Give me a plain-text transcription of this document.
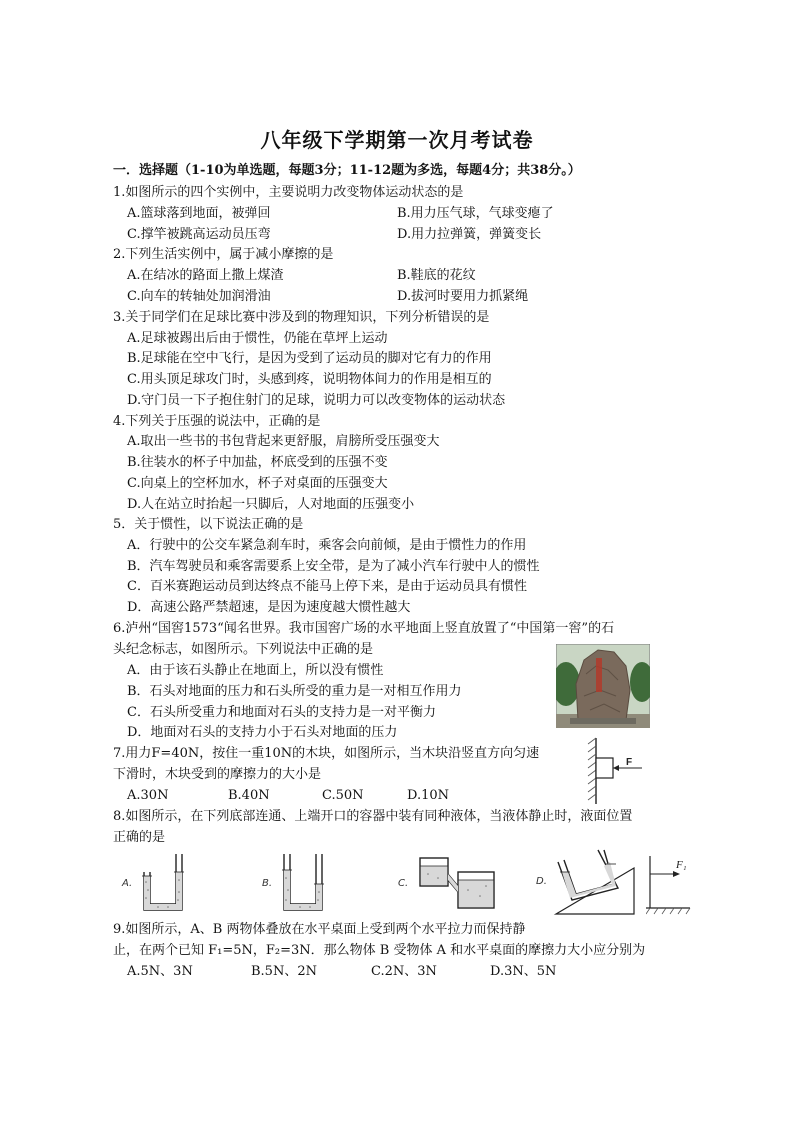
八年级下学期第一次月考试卷
一．选择题（1-10为单选题，每题3分；11-12题为多选，每题4分；共38分。）
1.如图所示的四个实例中，主要说明力改变物体运动状态的是
A.篮球落到地面，被弹回	B.用力压气球，气球变瘪了
C.撑竿被跳高运动员压弯	D.用力拉弹簧，弹簧变长
2.下列生活实例中，属于减小摩擦的是
A.在结冰的路面上撒上煤渣	B.鞋底的花纹
C.向车的转轴处加润滑油	D.拔河时要用力抓紧绳
3.关于同学们在足球比赛中涉及到的物理知识，下列分析错误的是
A.足球被踢出后由于惯性，仍能在草坪上运动
B.足球能在空中飞行，是因为受到了运动员的脚对它有力的作用
C.用头顶足球攻门时，头感到疼，说明物体间力的作用是相互的
D.守门员一下子抱住射门的足球，说明力可以改变物体的运动状态
4.下列关于压强的说法中，正确的是
A.取出一些书的书包背起来更舒服，肩膀所受压强变大
B.往装水的杯子中加盐，杯底受到的压强不变
C.向桌上的空杯加水，杯子对桌面的压强变大
D.人在站立时抬起一只脚后，人对地面的压强变小
5．关于惯性，以下说法正确的是
A．行驶中的公交车紧急刹车时，乘客会向前倾，是由于惯性力的作用
B．汽车驾驶员和乘客需要系上安全带，是为了减小汽车行驶中人的惯性
C．百米赛跑运动员到达终点不能马上停下来，是由于运动员具有惯性
D．高速公路严禁超速，是因为速度越大惯性越大
6.泸州“国窖1573“闻名世界。我市国窖广场的水平地面上竖直放置了“中国第一窖”的石
头纪念标志，如图所示。下列说法中正确的是
A．由于该石头静止在地面上，所以没有惯性
B．石头对地面的压力和石头所受的重力是一对相互作用力
C．石头所受重力和地面对石头的支持力是一对平衡力
D．地面对石头的支持力小于石头对地面的压力
7.用力F=40N，按住一重10N的木块，如图所示，当木块沿竖直方向匀速
下滑时，木块受到的摩擦力的大小是
A.30N	B.40N	C.50N	D.10N
F
8.如图所示，在下列底部连通、上端开口的容器中装有同种液体，当液体静止时，液面位置
正确的是
A.	B.	C.	D.
F₁
9.如图所示，A、B 两物体叠放在水平桌面上受到两个水平拉力而保持静
止，在两个已知 F₁=5N，F₂=3N．那么物体 B 受物体 A 和水平桌面的摩擦力大小应分别为
A.5N、3N	B.5N、2N	C.2N、3N	D.3N、5N
